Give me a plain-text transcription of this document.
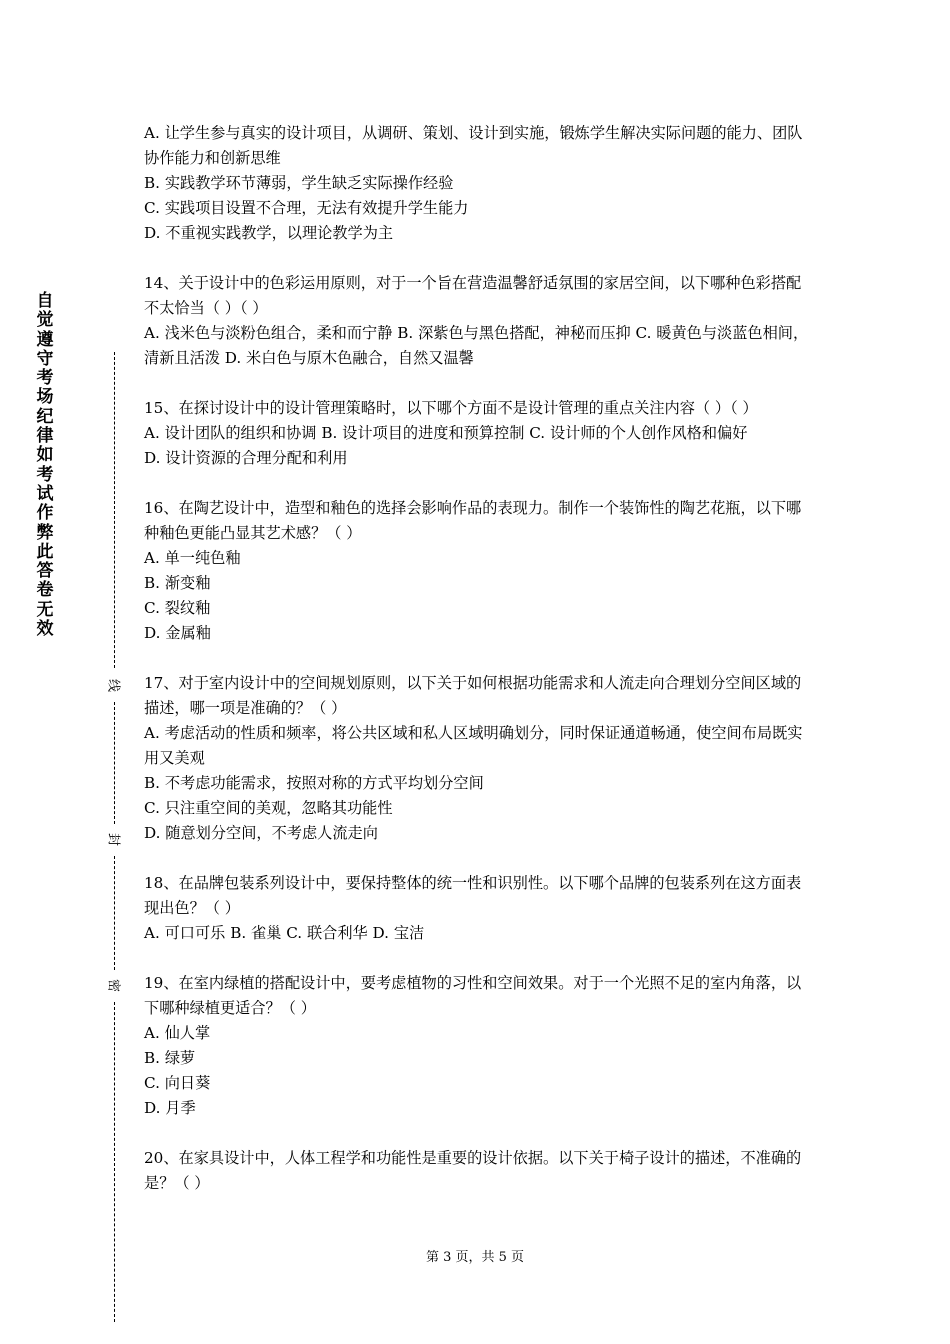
自觉遵守考场纪律如考试作弊此答卷无效
线
封
密

A. 让学生参与真实的设计项目，从调研、策划、设计到实施，锻炼学生解决实际问题的能力、团队协作能力和创新思维

B. 实践教学环节薄弱，学生缺乏实际操作经验

C. 实践项目设置不合理，无法有效提升学生能力

D. 不重视实践教学，以理论教学为主

14、关于设计中的色彩运用原则，对于一个旨在营造温馨舒适氛围的家居空间，以下哪种色彩搭配不太恰当（ ）（ ）

A. 浅米色与淡粉色组合，柔和而宁静 B. 深紫色与黑色搭配，神秘而压抑 C. 暖黄色与淡蓝色相间，清新且活泼 D. 米白色与原木色融合，自然又温馨

15、在探讨设计中的设计管理策略时，以下哪个方面不是设计管理的重点关注内容（ ）（ ）

A. 设计团队的组织和协调 B. 设计项目的进度和预算控制 C. 设计师的个人创作风格和偏好

D. 设计资源的合理分配和利用

16、在陶艺设计中，造型和釉色的选择会影响作品的表现力。制作一个装饰性的陶艺花瓶，以下哪种釉色更能凸显其艺术感？（ ）

A. 单一纯色釉

B. 渐变釉

C. 裂纹釉

D. 金属釉

17、对于室内设计中的空间规划原则，以下关于如何根据功能需求和人流走向合理划分空间区域的描述，哪一项是准确的？（ ）

A. 考虑活动的性质和频率，将公共区域和私人区域明确划分，同时保证通道畅通，使空间布局既实用又美观

B. 不考虑功能需求，按照对称的方式平均划分空间

C. 只注重空间的美观，忽略其功能性

D. 随意划分空间，不考虑人流走向

18、在品牌包装系列设计中，要保持整体的统一性和识别性。以下哪个品牌的包装系列在这方面表现出色？（ ）

A. 可口可乐 B. 雀巢 C. 联合利华 D. 宝洁

19、在室内绿植的搭配设计中，要考虑植物的习性和空间效果。对于一个光照不足的室内角落，以下哪种绿植更适合？（ ）

A. 仙人掌

B. 绿萝

C. 向日葵

D. 月季

20、在家具设计中，人体工程学和功能性是重要的设计依据。以下关于椅子设计的描述，不准确的是？（ ）

第 3 页，共 5 页
